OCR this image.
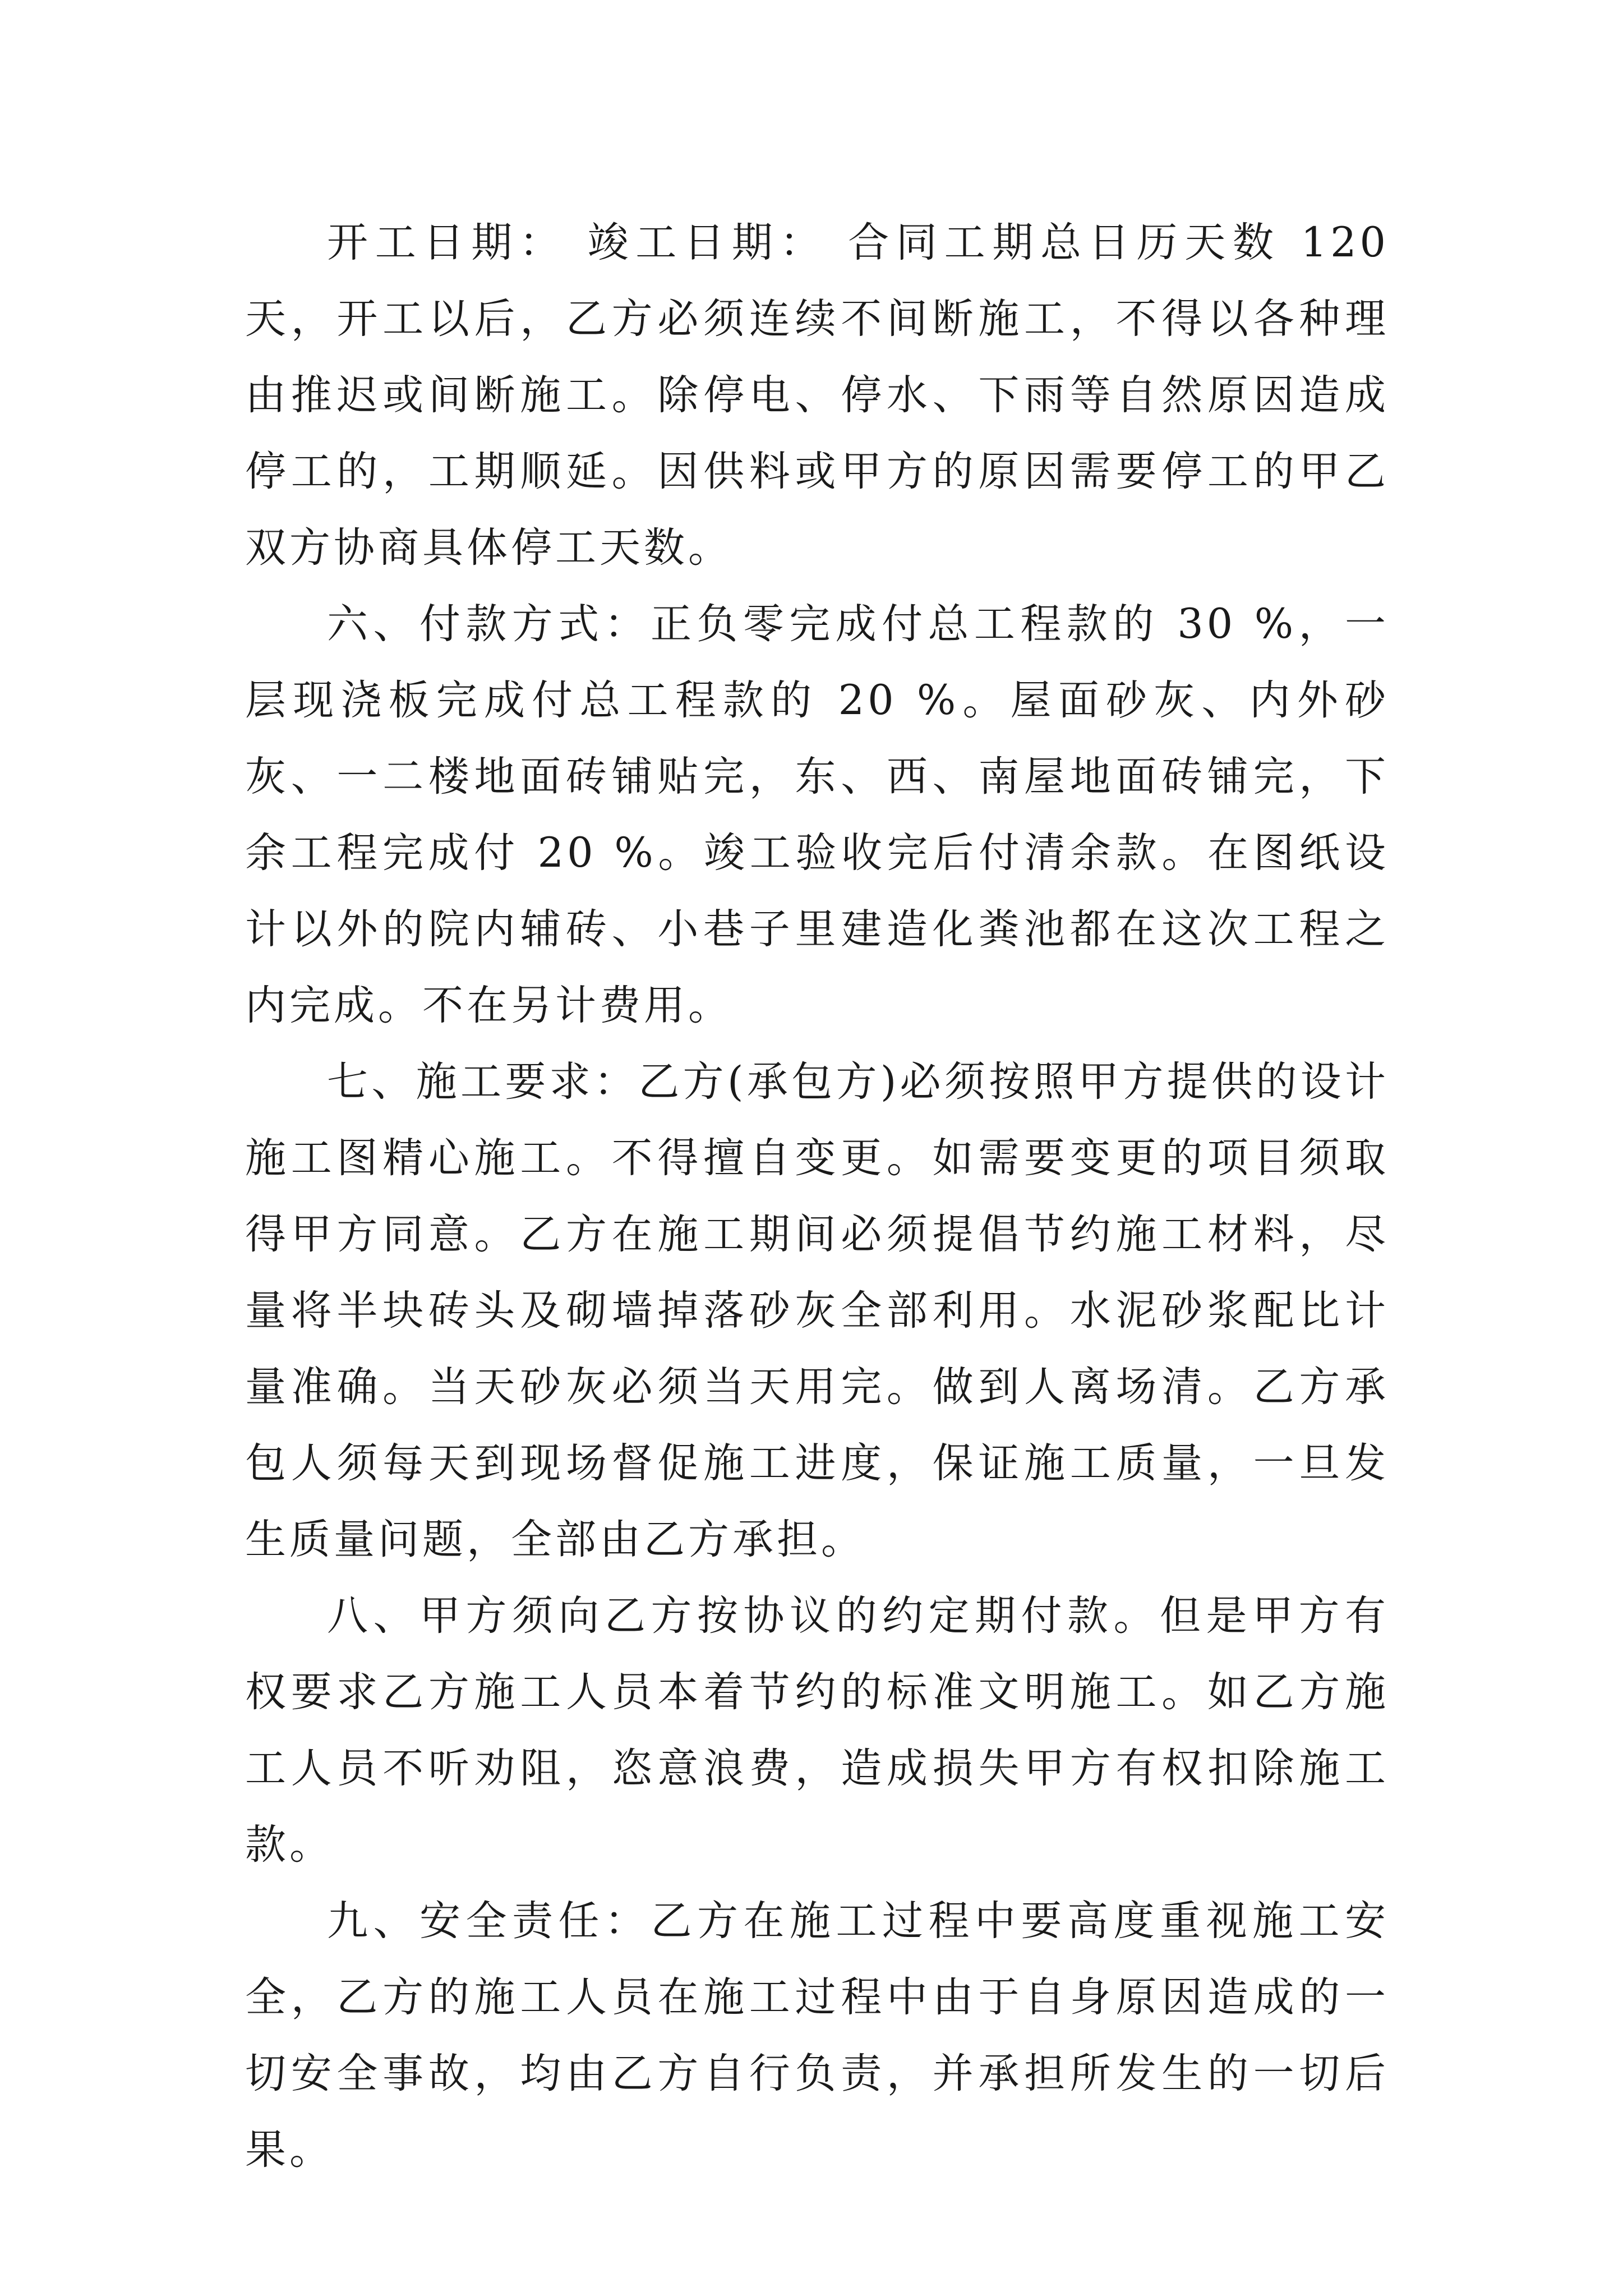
开工日期： 竣工日期： 合同工期总日历天数 120 天，开工以后，乙方必须连续不间断施工，不得以各种理由推迟或间断施工。除停电、停水、下雨等自然原因造成停工的，工期顺延。因供料或甲方的原因需要停工的甲乙双方协商具体停工天数。

六、付款方式：正负零完成付总工程款的 30 %，一层现浇板完成付总工程款的 20 %。屋面砂灰、内外砂灰、一二楼地面砖铺贴完，东、西、南屋地面砖铺完，下余工程完成付 20 %。竣工验收完后付清余款。在图纸设计以外的院内辅砖、小巷子里建造化粪池都在这次工程之内完成。不在另计费用。

七、施工要求：乙方(承包方)必须按照甲方提供的设计施工图精心施工。不得擅自变更。如需要变更的项目须取得甲方同意。乙方在施工期间必须提倡节约施工材料，尽量将半块砖头及砌墙掉落砂灰全部利用。水泥砂浆配比计量准确。当天砂灰必须当天用完。做到人离场清。乙方承包人须每天到现场督促施工进度，保证施工质量，一旦发生质量问题，全部由乙方承担。

八、甲方须向乙方按协议的约定期付款。但是甲方有权要求乙方施工人员本着节约的标准文明施工。如乙方施工人员不听劝阻，恣意浪费，造成损失甲方有权扣除施工款。

九、安全责任：乙方在施工过程中要高度重视施工安全，乙方的施工人员在施工过程中由于自身原因造成的一切安全事故，均由乙方自行负责，并承担所发生的一切后果。
